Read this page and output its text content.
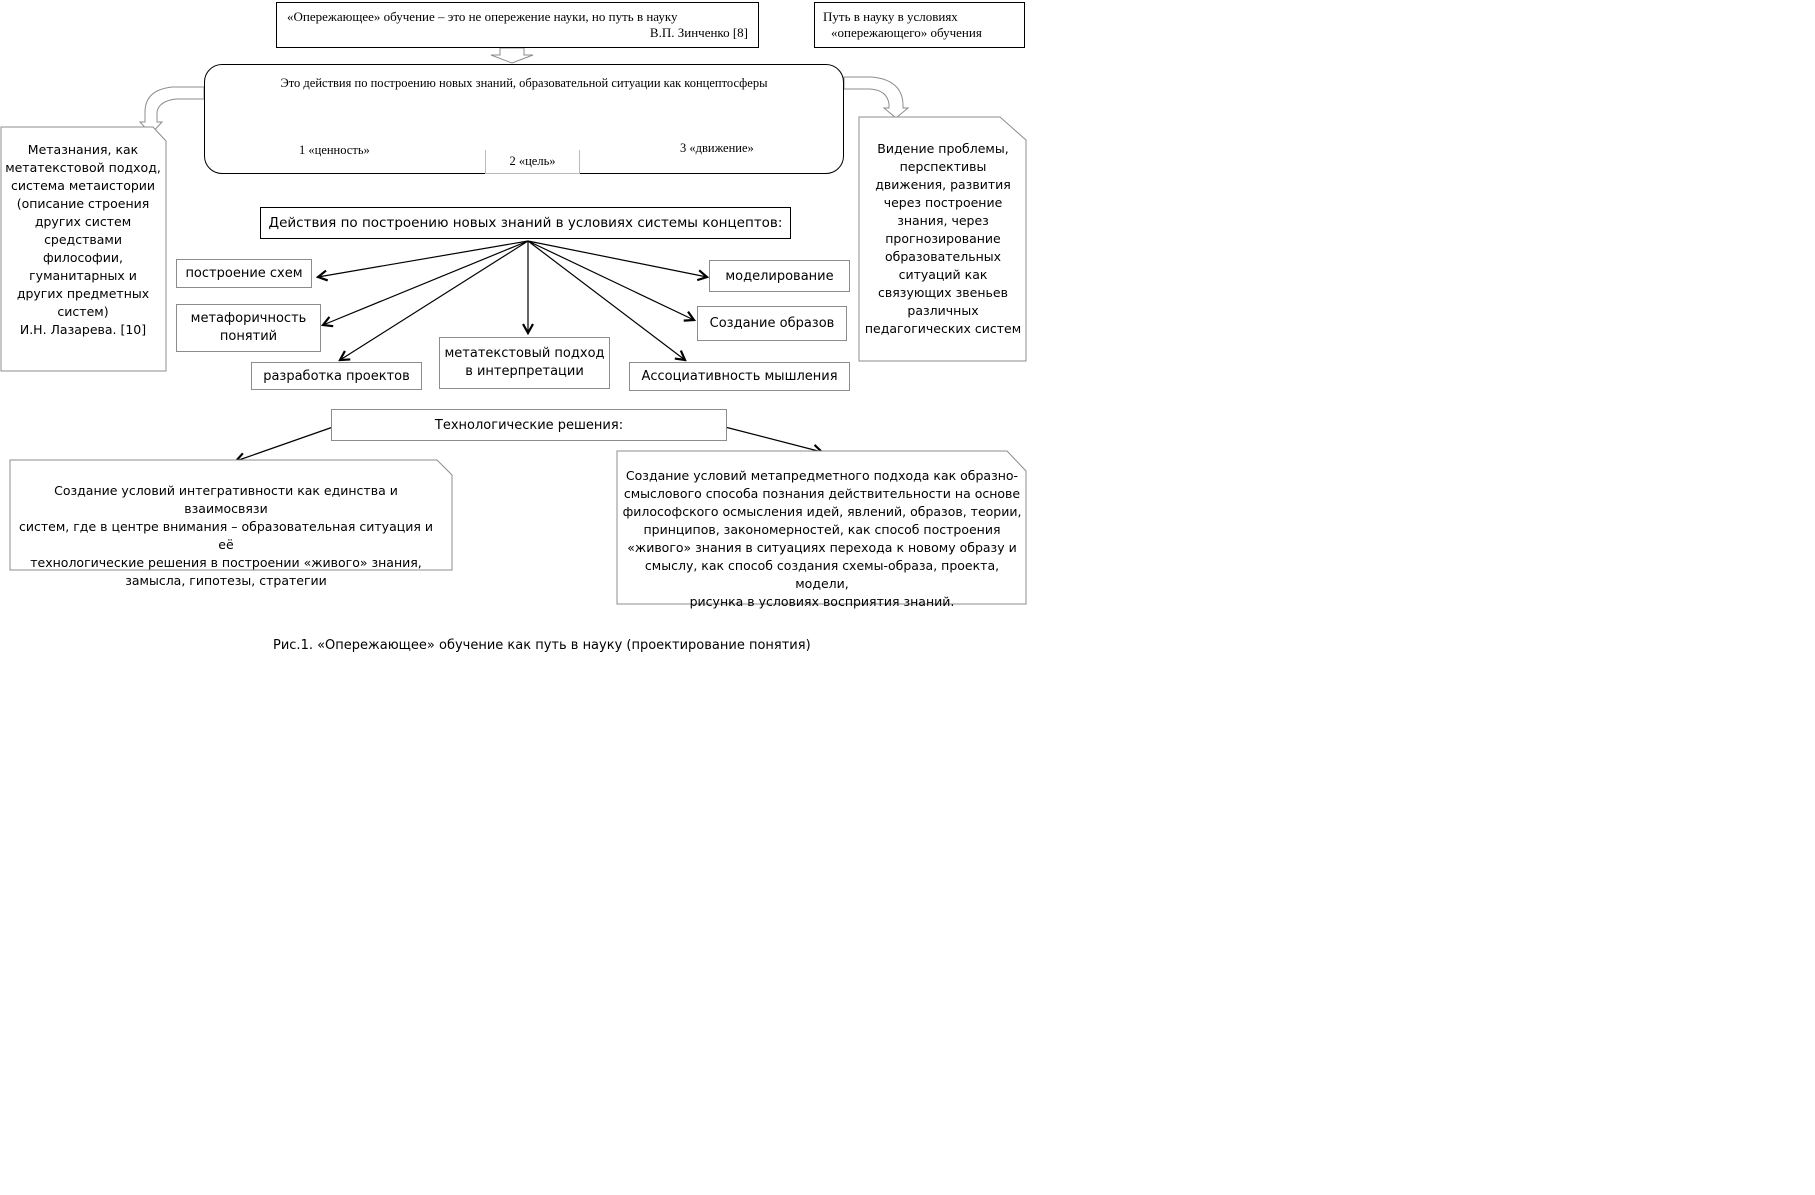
«Опережающее» обучение – это не опережение науки, но путь в науку
В.П. Зинченко [8]
Путь в науку в условиях
«опережающего» обучения
Это действия по построению новых знаний, образовательной ситуации как концептосферы
1 «ценность»	3 «движение»
2 «цель»
Метазнания, как
метатекстовой подход,
система метаистории
(описание строения
других систем
средствами
философии,
гуманитарных и
других предметных
систем)
И.Н. Лазарева. [10]
Видение проблемы,
перспективы
движения, развития
через построение
знания, через
прогнозирование
образовательных
ситуаций как
связующих звеньев
различных
педагогических систем
Действия по построению новых знаний в условиях системы концептов:
построение схем
метафоричность
понятий
разработка проектов
метатекстовый подход
в интерпретации
моделирование
Создание образов
Ассоциативность мышления
Технологические решения:
Создание условий интегративности как единства и взаимосвязи
систем, где в центре внимания – образовательная ситуация и её
технологические решения в построении «живого» знания,
замысла, гипотезы, стратегии
Создание условий метапредметного подхода как образно-
смыслового способа познания действительности на основе
философского осмысления идей, явлений, образов, теории,
принципов, закономерностей, как способ построения
«живого» знания в ситуациях перехода к новому образу и
смыслу, как способ создания схемы-образа, проекта, модели,
рисунка в условиях восприятия знаний.
Рис.1. «Опережающее» обучение как путь в науку (проектирование понятия)
